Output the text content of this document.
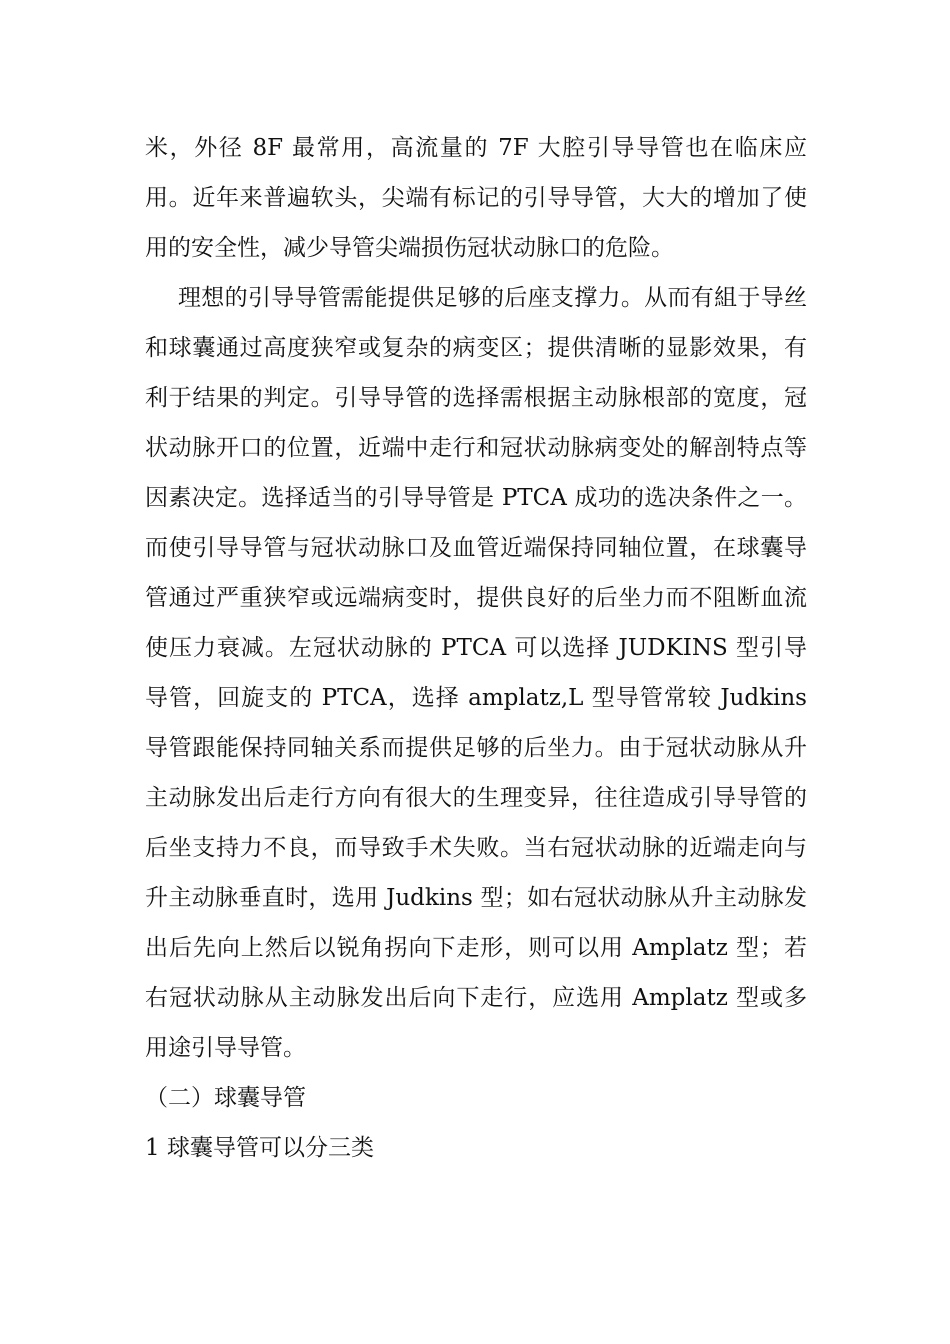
米，外径 8F 最常用，高流量的 7F 大腔引导导管也在临床应用。近年来普遍软头，尖端有标记的引导导管，大大的增加了使用的安全性，减少导管尖端损伤冠状动脉口的危险。

理想的引导导管需能提供足够的后座支撑力。从而有組于导丝和球囊通过高度狭窄或复杂的病变区；提供清晰的显影效果，有利于结果的判定。引导导管的选择需根据主动脉根部的宽度，冠状动脉开口的位置，近端中走行和冠状动脉病变处的解剖特点等因素决定。选择适当的引导导管是 PTCA 成功的选决条件之一。而使引导导管与冠状动脉口及血管近端保持同轴位置，在球囊导管通过严重狭窄或远端病变时，提供良好的后坐力而不阻断血流使压力衰减。左冠状动脉的 PTCA 可以选择 JUDKINS 型引导导管，回旋支的 PTCA，选择 amplatz,L 型导管常较 Judkins 导管跟能保持同轴关系而提供足够的后坐力。由于冠状动脉从升主动脉发出后走行方向有很大的生理变异，往往造成引导导管的后坐支持力不良，而导致手术失败。当右冠状动脉的近端走向与升主动脉垂直时，选用 Judkins 型；如右冠状动脉从升主动脉发出后先向上然后以锐角拐向下走形，则可以用 Amplatz 型；若右冠状动脉从主动脉发出后向下走行，应选用 Amplatz 型或多用途引导导管。

（二）球囊导管

1 球囊导管可以分三类
